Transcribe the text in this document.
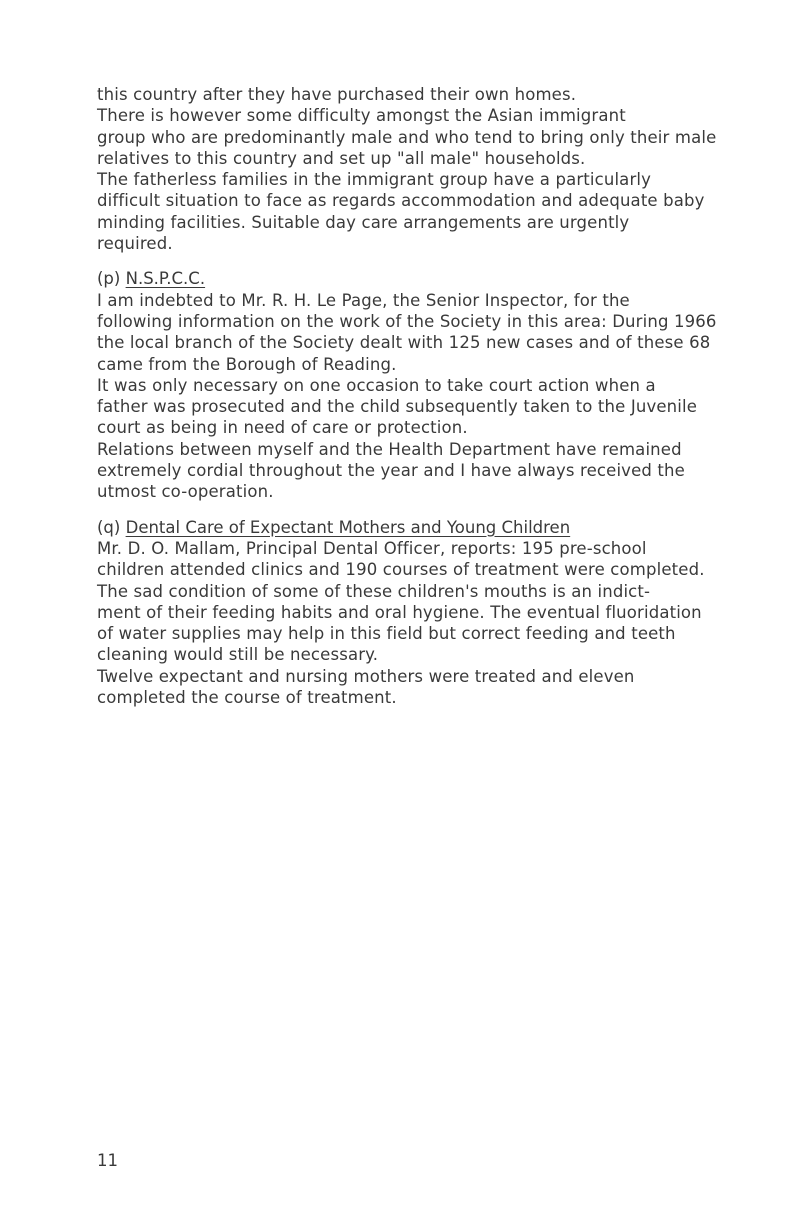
this country after they have purchased their own homes.
There is however some difficulty amongst the Asian immigrant
group who are predominantly male and who tend to bring only their male
relatives to this country and set up "all male" households.
The fatherless families in the immigrant group have a particularly
difficult situation to face as regards accommodation and adequate baby
minding facilities. Suitable day care arrangements are urgently
required.
(p) N.S.P.C.C.
I am indebted to Mr. R. H. Le Page, the Senior Inspector, for the
following information on the work of the Society in this area: During 1966
the local branch of the Society dealt with 125 new cases and of these 68
came from the Borough of Reading.
It was only necessary on one occasion to take court action when a
father was prosecuted and the child subsequently taken to the Juvenile
court as being in need of care or protection.
Relations between myself and the Health Department have remained
extremely cordial throughout the year and I have always received the
utmost co-operation.
(q) Dental Care of Expectant Mothers and Young Children
Mr. D. O. Mallam, Principal Dental Officer, reports: 195 pre-school
children attended clinics and 190 courses of treatment were completed.
The sad condition of some of these children's mouths is an indict-
ment of their feeding habits and oral hygiene. The eventual fluoridation
of water supplies may help in this field but correct feeding and teeth
cleaning would still be necessary.
Twelve expectant and nursing mothers were treated and eleven
completed the course of treatment.
11
